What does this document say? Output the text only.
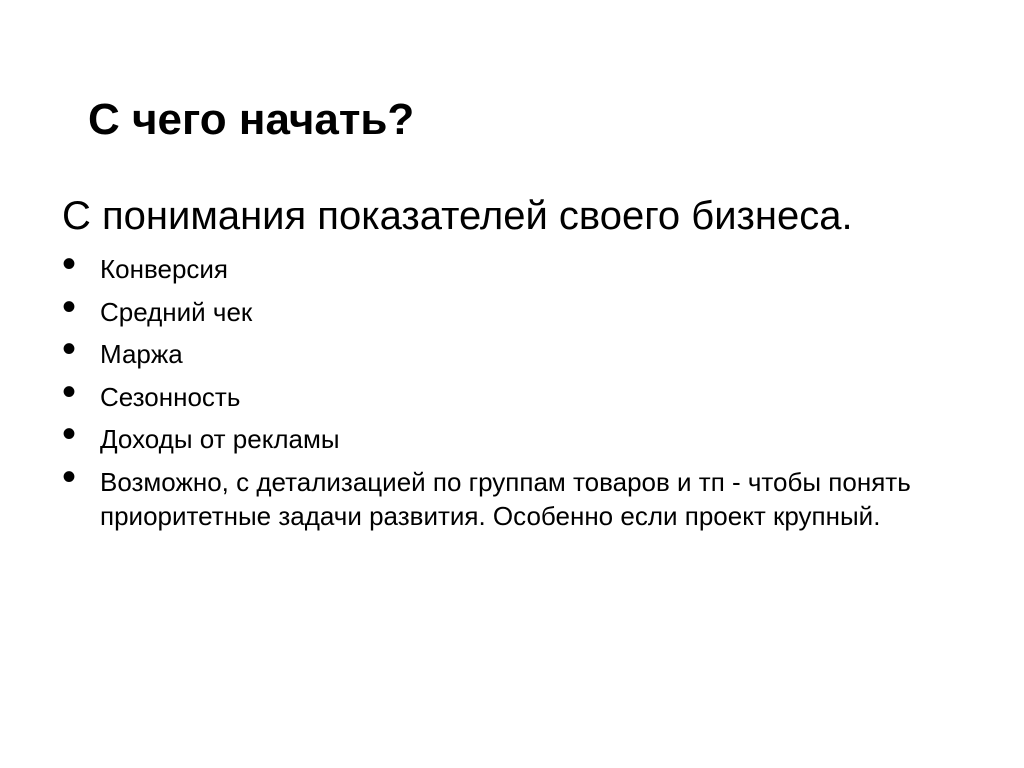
С чего начать?

С понимания показателей своего бизнеса.

• Конверсия
• Средний чек
• Маржа
• Сезонность
• Доходы от рекламы
• Возможно, с детализацией по группам товаров и тп - чтобы понять приоритетные задачи развития. Особенно если проект крупный.
